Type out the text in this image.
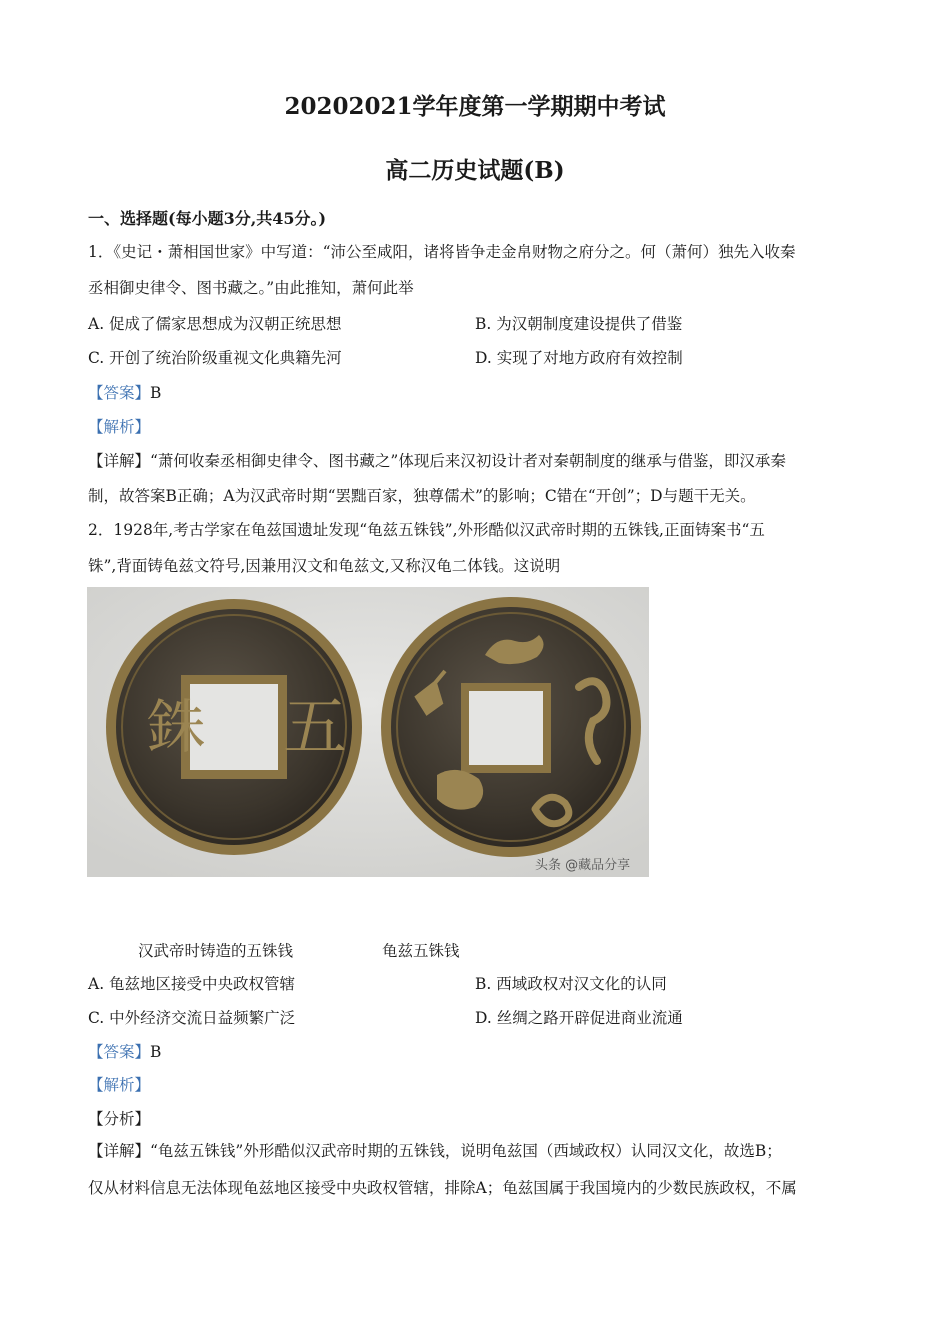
20202021学年度第一学期期中考试
高二历史试题(B)
一、选择题(每小题3分,共45分。)
1．《史记・萧相国世家》中写道：“沛公至咸阳，诸将皆争走金帛财物之府分之。何（萧何）独先入收秦
丞相御史律令、图书藏之。”由此推知，萧何此举
A. 促成了儒家思想成为汉朝正统思想	B. 为汉朝制度建设提供了借鉴
C. 开创了统治阶级重视文化典籍先河	D. 实现了对地方政府有效控制
【答案】B
【解析】
【详解】“萧何收秦丞相御史律令、图书藏之”体现后来汉初设计者对秦朝制度的继承与借鉴，即汉承秦
制，故答案B正确；A为汉武帝时期“罢黜百家，独尊儒术”的影响；C错在“开创”；D与题干无关。
2．1928年,考古学家在龟兹国遗址发现“龟兹五铢钱”,外形酷似汉武帝时期的五铢钱,正面铸案书“五
铢”,背面铸龟兹文符号,因兼用汉文和龟兹文,又称汉龟二体钱。这说明
銖 五
头条 @藏品分享
汉武帝时铸造的五铢钱	龟兹五铢钱
A. 龟兹地区接受中央政权管辖	B. 西域政权对汉文化的认同
C. 中外经济交流日益频繁广泛	D. 丝绸之路开辟促进商业流通
【答案】B
【解析】
【分析】
【详解】“龟兹五铢钱”外形酷似汉武帝时期的五铢钱，说明龟兹国（西域政权）认同汉文化，故选B；
仅从材料信息无法体现龟兹地区接受中央政权管辖，排除A；龟兹国属于我国境内的少数民族政权，不属
